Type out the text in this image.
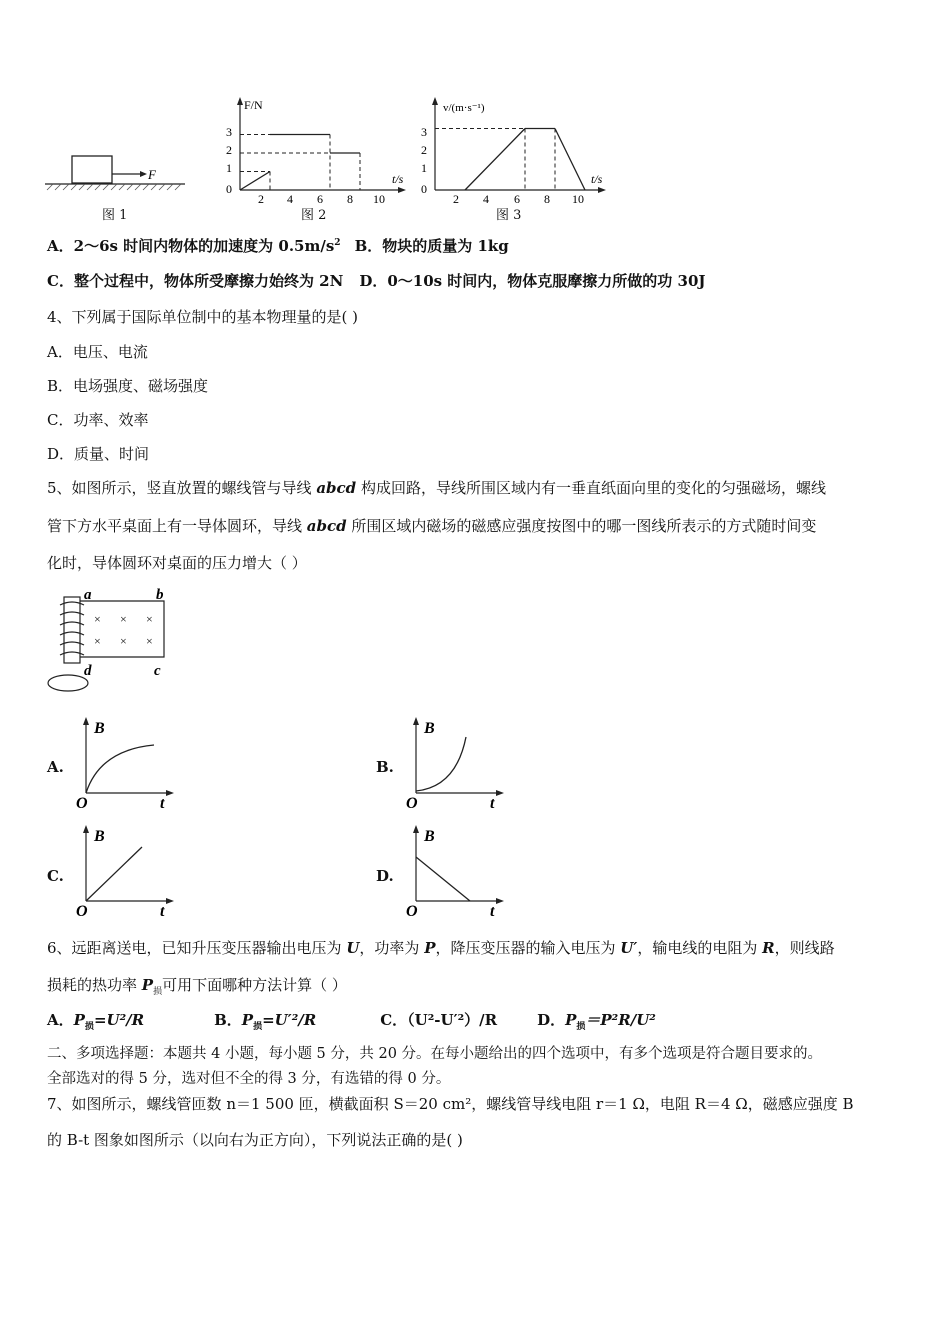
F
图 1
F/N
t/s
3
2
1
0
2 4 6 8 10
图 2
v/(m·s⁻¹)
t/s
3
2
1
0
2 4 6 8 10
图 3
A．2～6s 时间内物体的加速度为 $0.5m/s^2$ B．物块的质量为 1kg
C．整个过程中，物体所受摩擦力始终为 2N D．0～10s 时间内，物体克服摩擦力所做的功 30J
4、下列属于国际单位制中的基本物理量的是( )
A．电压、电流
B．电场强度、磁场强度
C．功率、效率
D．质量、时间
5、如图所示，竖直放置的螺线管与导线 abcd 构成回路，导线所围区域内有一垂直纸面向里的变化的匀强磁场，螺线
管下方水平桌面上有一导体圆环，导线 abcd 所围区域内磁场的磁感应强度按图中的哪一图线所表示的方式随时间变
化时，导体圆环对桌面的压力增大（ ）
a	b
d	c
× × ×
× × ×
A.
B
O	t
B.
B
O	t
C.
B
O	t
D.
B
O	t
6、远距离送电，已知升压变压器输出电压为 U，功率为 P，降压变压器的输入电压为 U′，输电线的电阻为 R，则线路
损耗的热功率 $P_损$可用下面哪种方法计算（ ）
A．$P_损=U^2/R$	B．$P_损=U'^2/R$	C．（U²-U′²）/R	D．$P_损=P^2R/U^2$
二、多项选择题：本题共 4 小题，每小题 5 分，共 20 分。在每小题给出的四个选项中，有多个选项是符合题目要求的。
全部选对的得 5 分，选对但不全的得 3 分，有选错的得 0 分。
7、如图所示，螺线管匝数 n＝1 500 匝，横截面积 S＝20 cm²，螺线管导线电阻 r＝1 Ω，电阻 R＝4 Ω，磁感应强度 B
的 B-t 图象如图所示（以向右为正方向），下列说法正确的是( )
